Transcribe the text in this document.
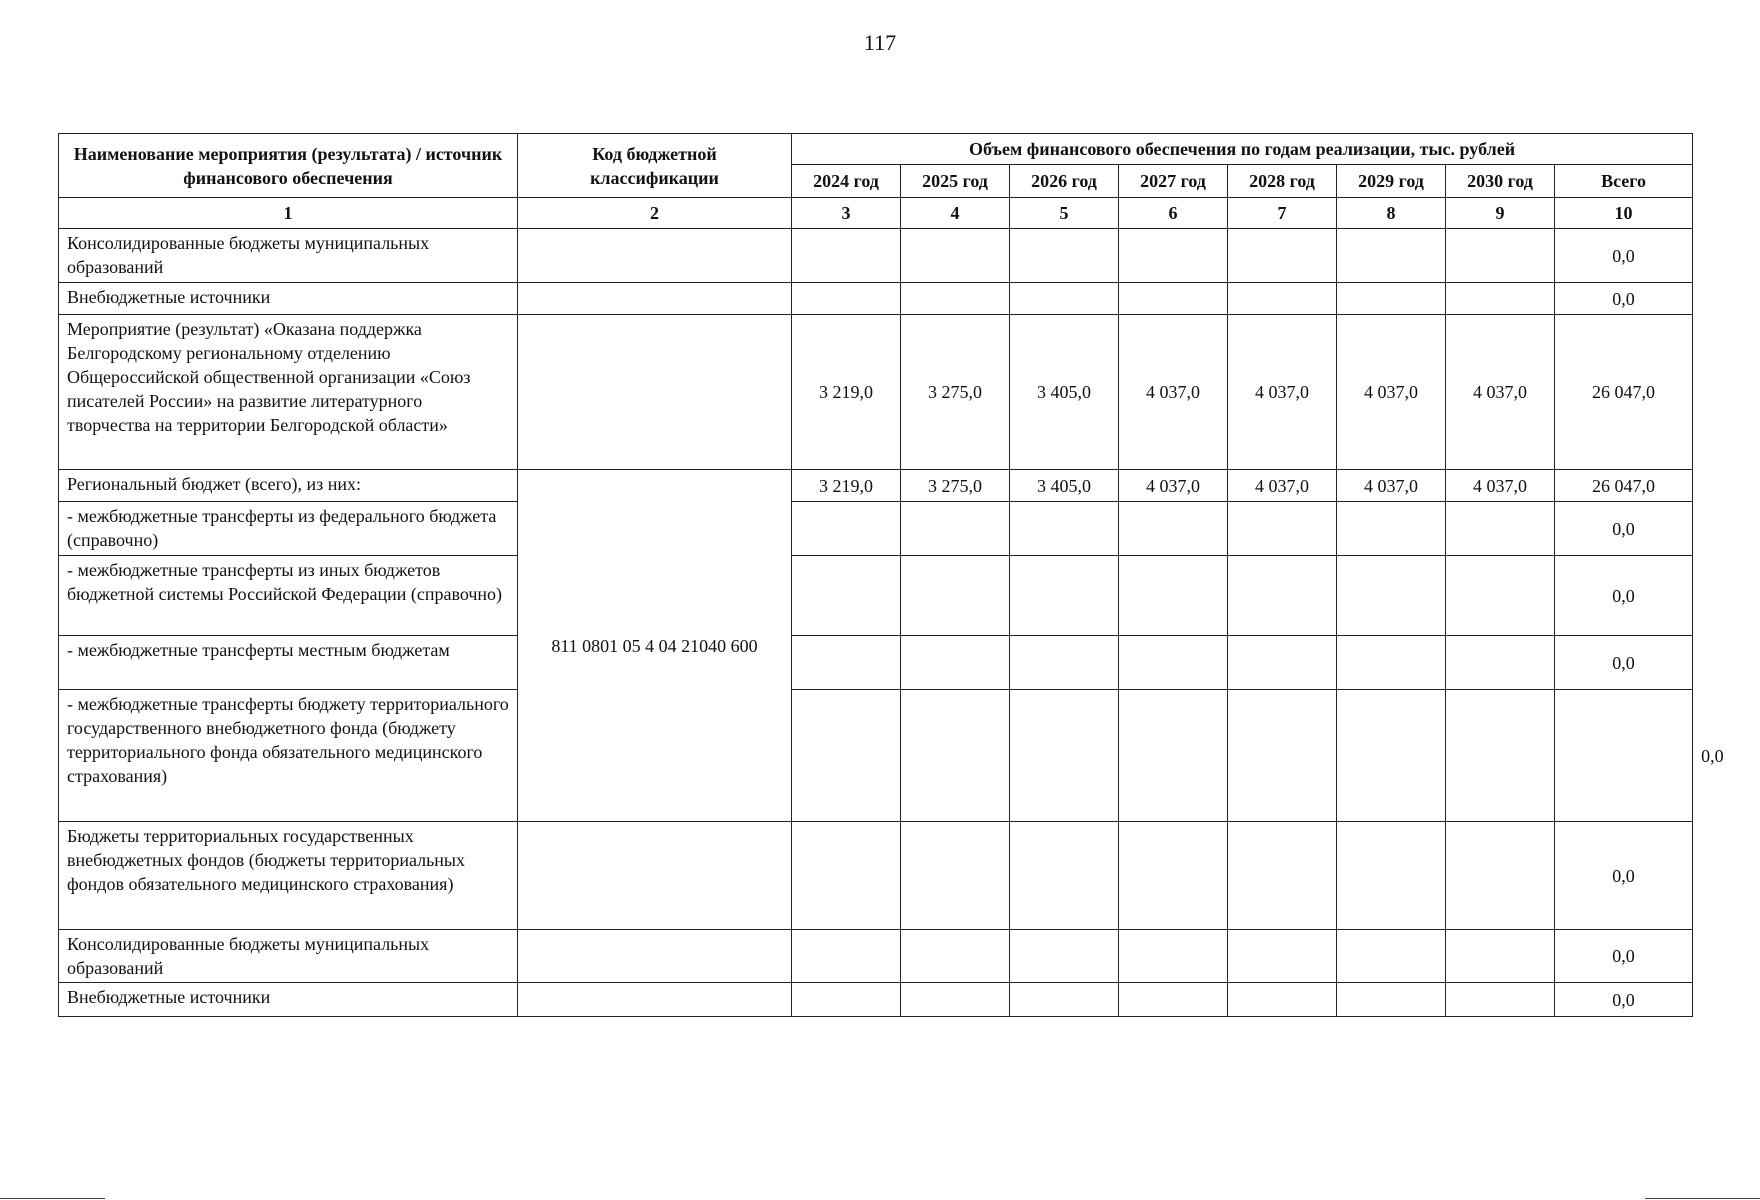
117
Наименование мероприятия (результата) / источник финансового обеспечения	Код бюджетной классификации	Объем финансового обеспечения по годам реализации, тыс. рублей								
		2024 год	2025 год	2026 год	2027 год	2028 год	2029 год	2030 год	Всего	
1	2	3	4	5	6	7	8	9	10	
Консолидированные бюджеты муниципальных образований									0,0	
Внебюджетные источники									0,0	
Мероприятие (результат) «Оказана поддержка Белгородскому региональному отделению Общероссийской общественной организации «Союз писателей России» на развитие литературного творчества на территории Белгородской области»		3 219,0	3 275,0	3 405,0	4 037,0	4 037,0	4 037,0	4 037,0	26 047,0	
Региональный бюджет (всего), из них:	811 0801 05 4 04 21040 600	3 219,0	3 275,0	3 405,0	4 037,0	4 037,0	4 037,0	4 037,0	26 047,0	
- межбюджетные трансферты из федерального бюджета (справочно)									0,0	
- межбюджетные трансферты из иных бюджетов бюджетной системы Российской Федерации (справочно)									0,0	
- межбюджетные трансферты местным бюджетам									0,0	
- межбюджетные трансферты бюджету территориального государственного внебюджетного фонда (бюджету территориального фонда обязательного медицинского страхования)										0,0
Бюджеты территориальных государственных внебюджетных фондов (бюджеты территориальных фондов обязательного медицинского страхования)									0,0	
Консолидированные бюджеты муниципальных образований									0,0	
Внебюджетные источники									0,0	
